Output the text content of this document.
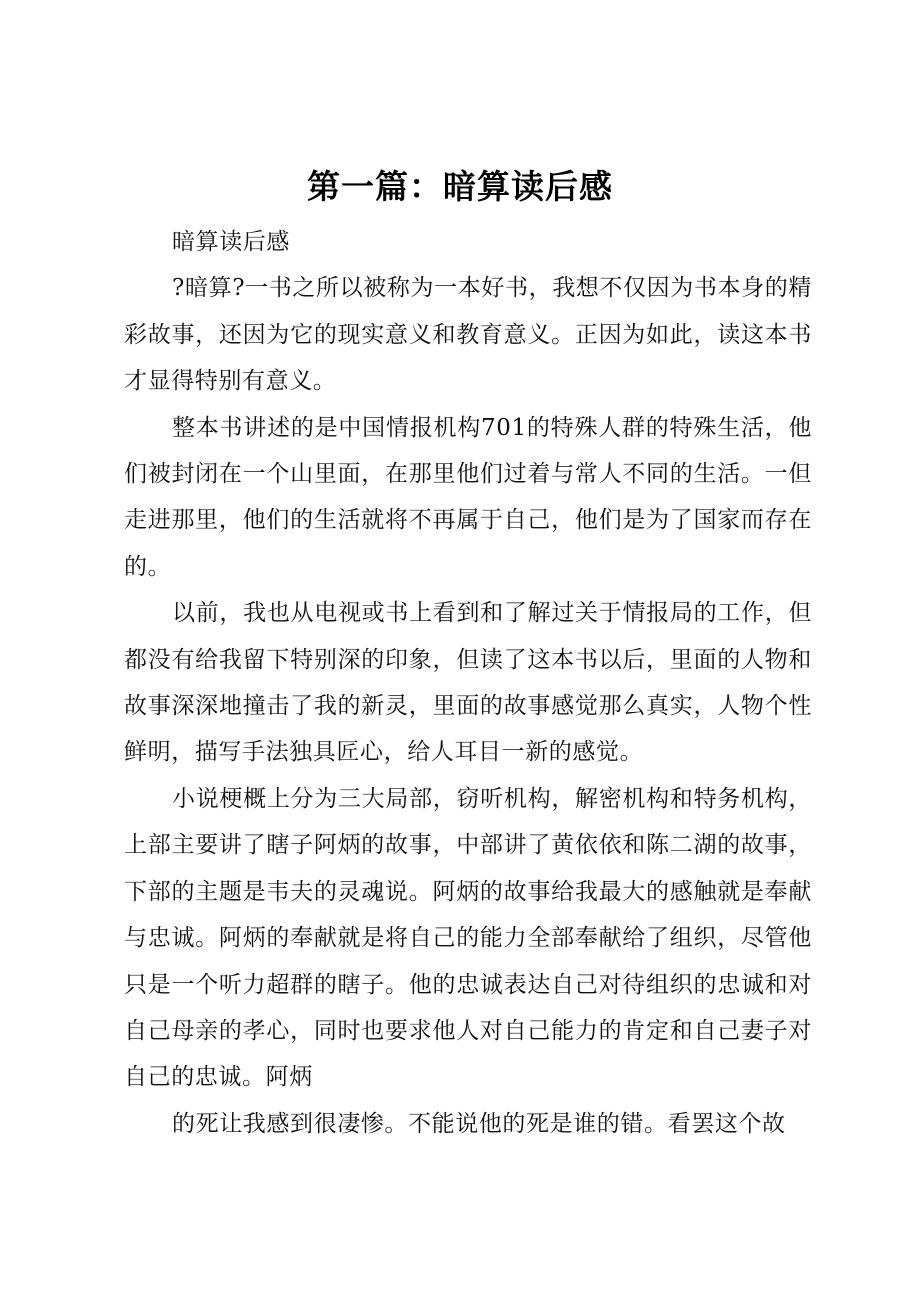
第一篇：暗算读后感

暗算读后感

?暗算?一书之所以被称为一本好书，我想不仅因为书本身的精彩故事，还因为它的现实意义和教育意义。正因为如此，读这本书才显得特别有意义。

整本书讲述的是中国情报机构701的特殊人群的特殊生活，他们被封闭在一个山里面，在那里他们过着与常人不同的生活。一但走进那里，他们的生活就将不再属于自己，他们是为了国家而存在的。

以前，我也从电视或书上看到和了解过关于情报局的工作，但都没有给我留下特别深的印象，但读了这本书以后，里面的人物和故事深深地撞击了我的新灵，里面的故事感觉那么真实，人物个性鲜明，描写手法独具匠心，给人耳目一新的感觉。

小说梗概上分为三大局部，窃听机构，解密机构和特务机构，上部主要讲了瞎子阿炳的故事，中部讲了黄依依和陈二湖的故事，下部的主题是韦夫的灵魂说。阿炳的故事给我最大的感触就是奉献与忠诚。阿炳的奉献就是将自己的能力全部奉献给了组织，尽管他只是一个听力超群的瞎子。他的忠诚表达自己对待组织的忠诚和对自己母亲的孝心，同时也要求他人对自己能力的肯定和自己妻子对自己的忠诚。阿炳

的死让我感到很凄惨。不能说他的死是谁的错。看罢这个故
